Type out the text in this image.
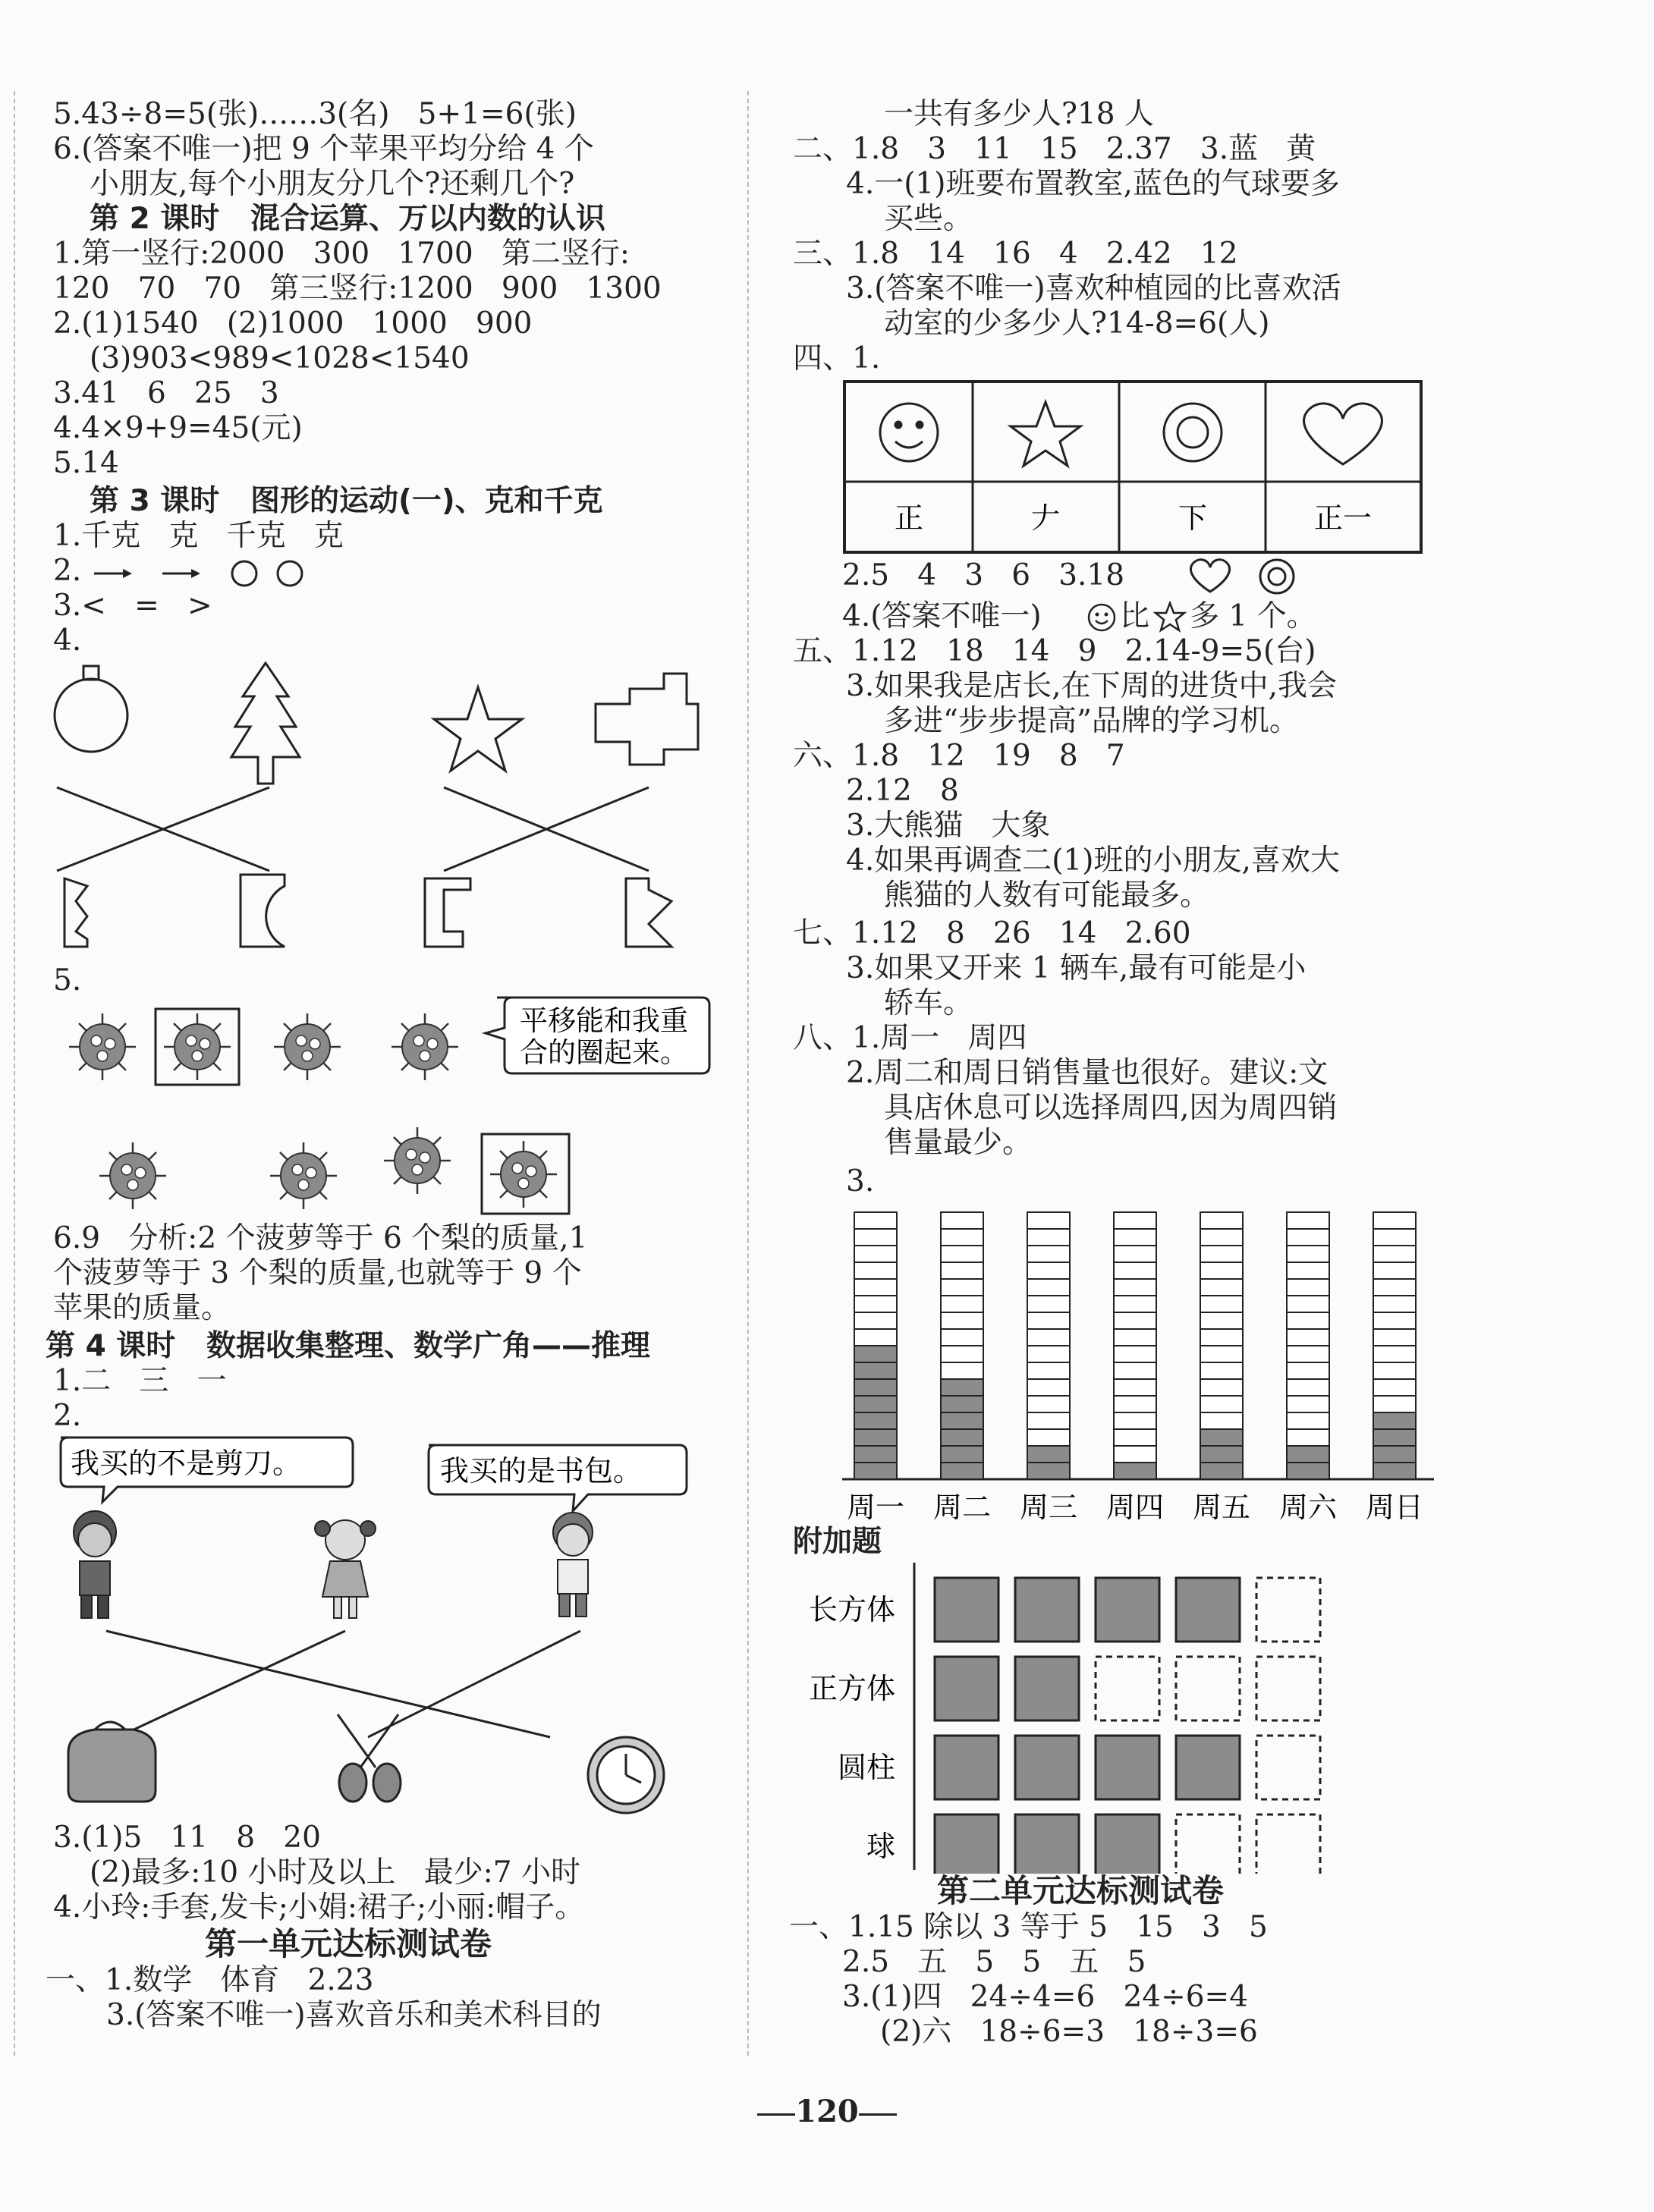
5.43÷8=5(张)……3(名)   5+1=6(张)
6.(答案不唯一)把 9 个苹果平均分给 4 个
小朋友,每个小朋友分几个?还剩几个?
第 2 课时   混合运算、万以内数的认识
1.第一竖行:2000   300   1700   第二竖行:
120   70   70   第三竖行:1200   900   1300
2.(1)1540   (2)1000   1000   900
(3)903<989<1028<1540
3.41   6   25   3
4.4×9+9=45(元)
5.14
第 3 课时   图形的运动(一)、克和千克
1.千克   克   千克   克
2.
3.<   =   >
4.
5.
平移能和我重
合的圈起来。
6.9   分析:2 个菠萝等于 6 个梨的质量,1
个菠萝等于 3 个梨的质量,也就等于 9 个
苹果的质量。
第 4 课时   数据收集整理、数学广角——推理
1.二   三   一
2.
我买的不是剪刀。	我买的是书包。
3.(1)5   11   8   20
(2)最多:10 小时及以上   最少:7 小时
4.小玲:手套,发卡;小娟:裙子;小丽:帽子。
第一单元达标测试卷
一、1.数学   体育   2.23
3.(答案不唯一)喜欢音乐和美术科目的
一共有多少人?18 人
二、1.8   3   11   15   2.37   3.蓝   黄
4.一(1)班要布置教室,蓝色的气球要多
买些。
三、1.8   14   16   4   2.42   12
3.(答案不唯一)喜欢种植园的比喜欢活
动室的少多少人?14-8=6(人)
四、1.
正	𠂇	下	正一
2.5   4   3   6   3.18
4.(答案不唯一)	比 多 1 个。
五、1.12   18   14   9   2.14-9=5(台)
3.如果我是店长,在下周的进货中,我会
多进“步步提高”品牌的学习机。
六、1.8   12   19   8   7
2.12   8
3.大熊猫   大象
4.如果再调查二(1)班的小朋友,喜欢大
熊猫的人数有可能最多。
七、1.12   8   26   14   2.60
3.如果又开来 1 辆车,最有可能是小
轿车。
八、1.周一   周四
2.周二和周日销售量也很好。建议:文
具店休息可以选择周四,因为周四销
售量最少。
3.
周一 周二 周三 周四 周五 周六 周日
附加题
长方体
正方体
圆柱
球
第二单元达标测试卷
一、1.15 除以 3 等于 5   15   3   5
2.5   五   5   5   五   5
3.(1)四   24÷4=6   24÷6=4
(2)六   18÷6=3   18÷3=6
120
